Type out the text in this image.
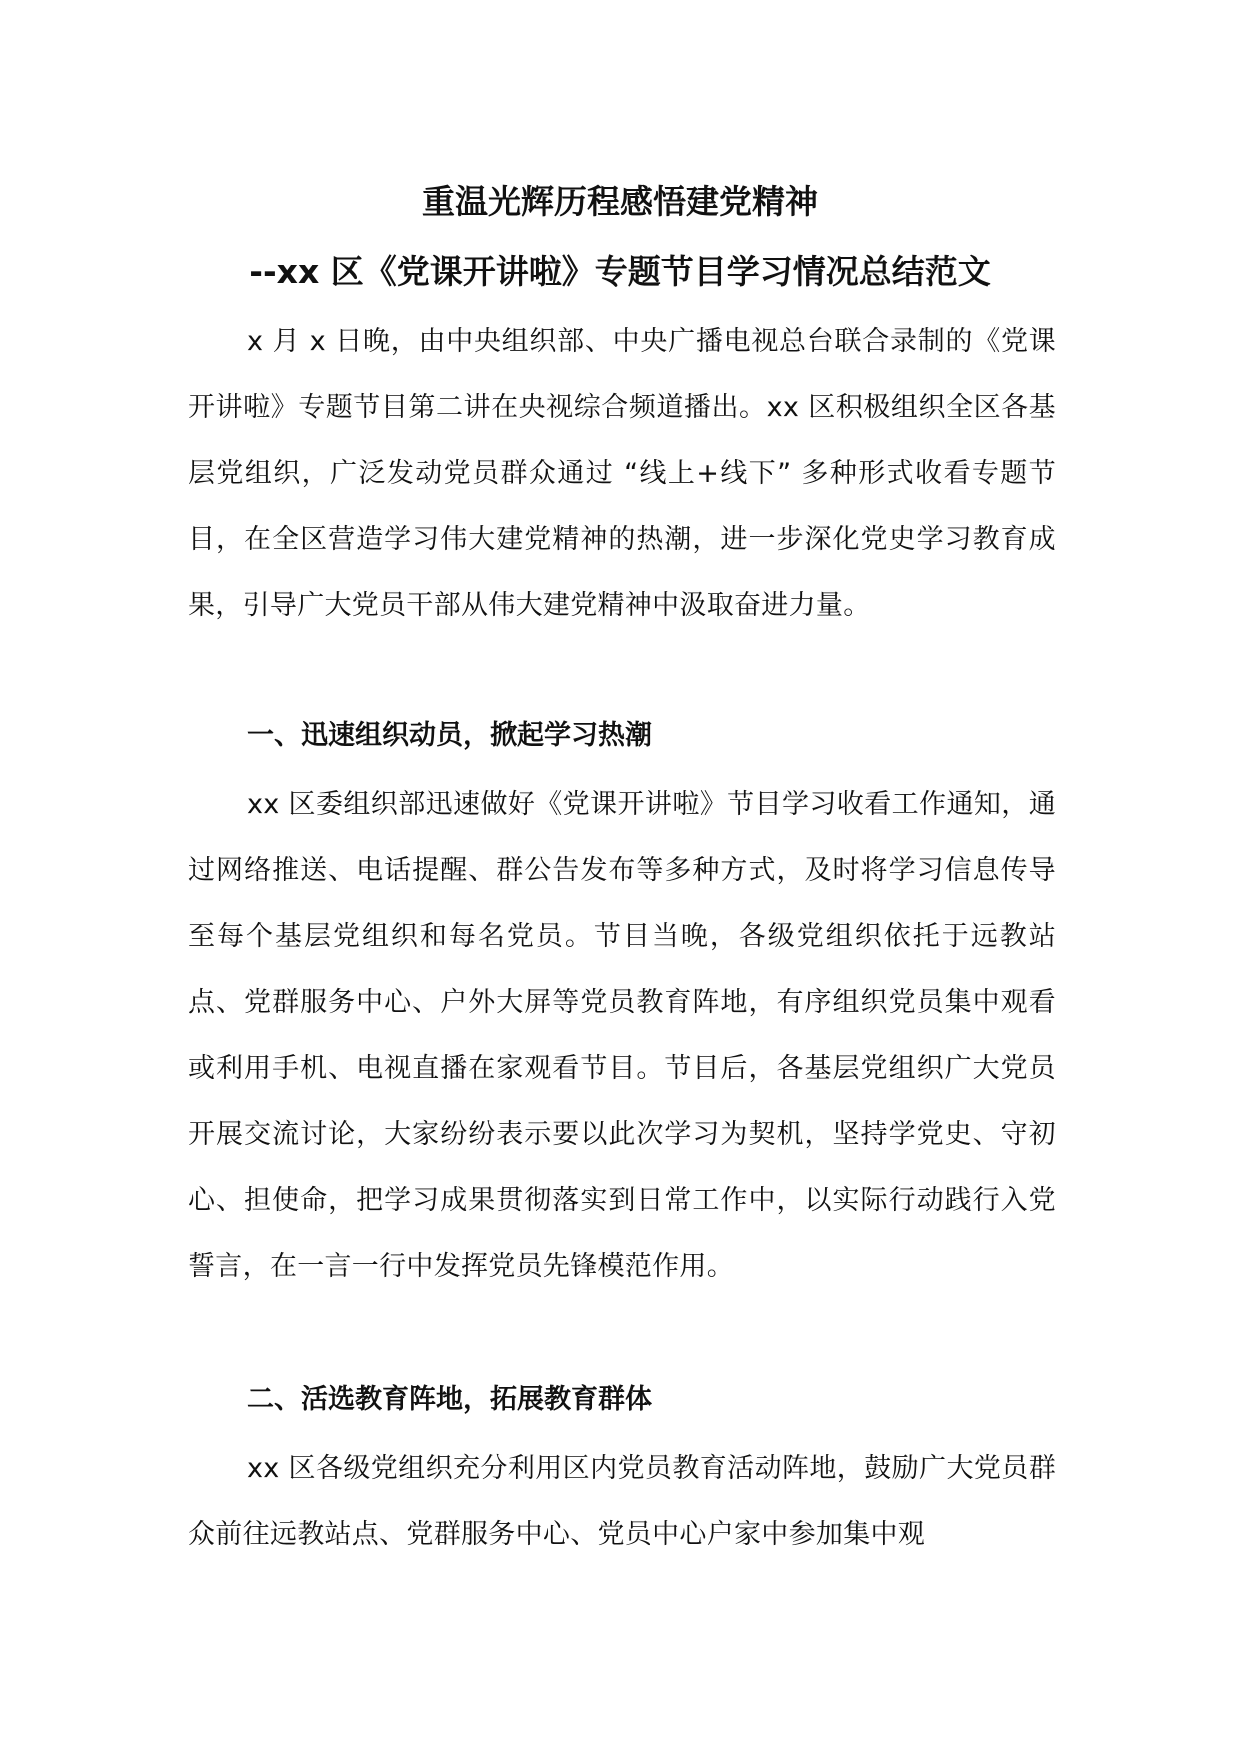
重温光辉历程感悟建党精神
--xx 区《党课开讲啦》专题节目学习情况总结范文

x 月 x 日晚，由中央组织部、中央广播电视总台联合录制的《党课开讲啦》专题节目第二讲在央视综合频道播出。xx 区积极组织全区各基层党组织，广泛发动党员群众通过 “线上+线下” 多种形式收看专题节目，在全区营造学习伟大建党精神的热潮，进一步深化党史学习教育成果，引导广大党员干部从伟大建党精神中汲取奋进力量。

一、迅速组织动员，掀起学习热潮

xx 区委组织部迅速做好《党课开讲啦》节目学习收看工作通知，通过网络推送、电话提醒、群公告发布等多种方式，及时将学习信息传导至每个基层党组织和每名党员。节目当晚，各级党组织依托于远教站点、党群服务中心、户外大屏等党员教育阵地，有序组织党员集中观看或利用手机、电视直播在家观看节目。节目后，各基层党组织广大党员开展交流讨论，大家纷纷表示要以此次学习为契机，坚持学党史、守初心、担使命，把学习成果贯彻落实到日常工作中，以实际行动践行入党誓言，在一言一行中发挥党员先锋模范作用。

二、活选教育阵地，拓展教育群体

xx 区各级党组织充分利用区内党员教育活动阵地，鼓励广大党员群众前往远教站点、党群服务中心、党员中心户家中参加集中观
